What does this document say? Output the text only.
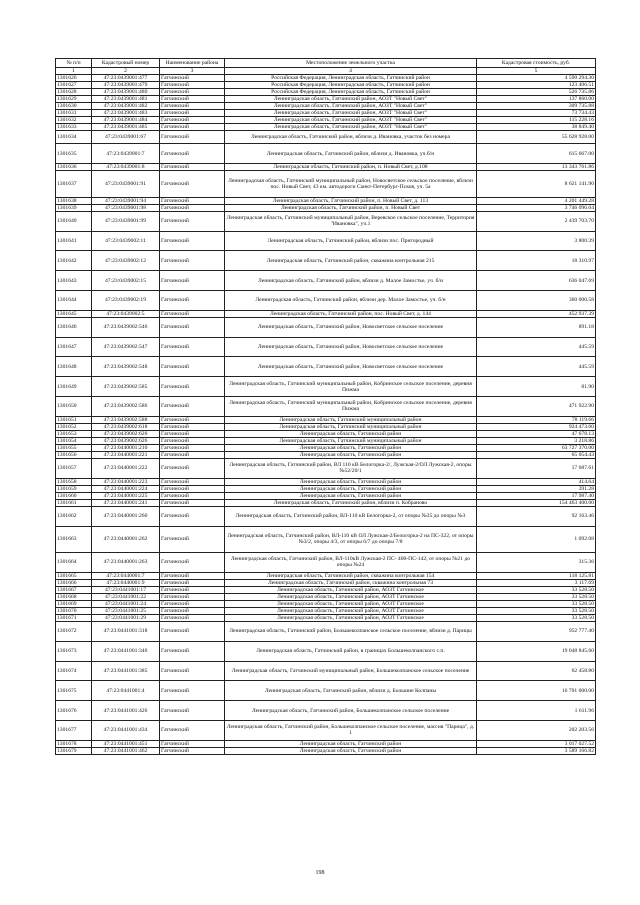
№ п/п	Кадастровый номер	Наименование района	Местоположение земельного участка	Кадастровая стоимость, руб.
1	2	3	4	5
1301626	47:23:0439001:477	Гатчинский	Российская Федерация, Ленинградская область, Гатчинский район	4 590 294.30
1301627	47:23:0439001:479	Гатчинский	Российская Федерация, Ленинградская область, Гатчинский район	123 406.51
1301628	47:23:0439001:480	Гатчинский	Российская Федерация, Ленинградская область, Гатчинский район	526 735.86
1301629	47:23:0439001:481	Гатчинский	Ленинградская область, Гатчинский район, АОЗТ "Новый Свет"	137 860.00
1301630	47:23:0439001:482	Гатчинский	Ленинградская область, Гатчинский район, АОЗТ "Новый Свет"	309 735.88
1301631	47:23:0439001:483	Гатчинский	Ленинградская область, Гатчинский район, АОЗТ "Новый Свет"	73 734.43
1301632	47:23:0439001:484	Гатчинский	Ленинградская область, Гатчинский район, АОЗТ "Новый Свет"	115 228.16
1301633	47:23:0439001:485	Гатчинский	Ленинградская область, Гатчинский район, АОЗТ "Новый Свет"	38 849.40
1301634	47:23:0439001:67	Гатчинский	Ленинградская область, Гатчинский район, вблизи д. Ивановка, участок без номера	55 628 928.00
1301635	47:23:0439001:7	Гатчинский	Ленинградская область, Гатчинский район, вблизи д. Ивановка, уч.б/н	615 667.00
1301636	47:23:0439001:8	Гатчинский	Ленинградская область, Гатчинский район, п. Новый Свет, д.108	13 343 761.86
1301637	47:23:0439001:91	Гатчинский	Ленинградская область, Гатчинский муниципальный район, Новосветское сельское поселение, вблизи пос. Новый Свет, 43 км. автодороги Санкт-Петербург-Псков, уч. 5а	8 621 141.90
1301638	47:23:0439001:94	Гатчинский	Ленинградская область, Гатчинский район, п. Новый Свет, д. 113	4 201 449.28
1301639	47:23:0439001:98	Гатчинский	Ленинградская область, Гатчинский район, п. Новый Свет	3 746 096.04
1301640	47:23:0439001:99	Гатчинский	Ленинградская область, Гатчинский муниципальный район, Веревское сельское поселение, Территория "Ивановка", уч.1	2 439 703.70
1301641	47:23:0439002:11	Гатчинский	Ленинградская область, Гатчинский район, вблизи пос. Пригородный	3 800.39
1301642	47:23:0439002:12	Гатчинский	Ленинградская область, Гатчинский район, скважина контрольная 215	18 310.97
1301643	47:23:0439002:15	Гатчинский	Ленинградская область, Гатчинский район, вблизи д. Малое Замостье, уч. б/н	636 047.69
1301644	47:23:0439002:19	Гатчинский	Ленинградская область, Гатчинский район, вблизи дер. Малое Замостье, уч. б/н	360 000.58
1301645	47:23:0439002:5	Гатчинский	Ленинградская область, Гатчинский район, пос. Новый Свет, д. 144	452 937.39
1301646	47:23:0439002:546	Гатчинский	Ленинградская область, Гатчинский район, Новосветское сельское поселение	891.18
1301647	47:23:0439002:547	Гатчинский	Ленинградская область, Гатчинский район, Новосветское сельское поселение	445.59
1301648	47:23:0439002:548	Гатчинский	Ленинградская область, Гатчинский район, Новосветское сельское поселение	445.59
1301649	47:23:0439002:585	Гатчинский	Ленинградская область, Гатчинский муниципальный район, Кобринское сельское поселение, деревня Пижма	81.90
1301650	47:23:0439002:586	Гатчинский	Ленинградская область, Гатчинский муниципальный район, Кобринское сельское поселение, деревня Пижма	471 922.90
1301651	47:23:0439002:588	Гатчинский	Ленинградская область, Гатчинский муниципальный район	78 119.66
1301652	47:23:0439002:618	Гатчинский	Ленинградская область, Гатчинский муниципальный район	924 473.60
1301653	47:23:0439002:620	Гатчинский	Ленинградская область, Гатчинский район	47 678.13
1301654	47:23:0439002:626	Гатчинский	Ленинградская область, Гатчинский муниципальный район	3 218.86
1301655	47:23:0440001:210	Гатчинский	Ленинградская область, Гатчинский район	63 727 370.00
1301656	47:23:0440001:221	Гатчинский	Ленинградская область, Гатчинский район	65 054.43
1301657	47:23:0440001:222	Гатчинский	Ленинградская область, Гатчинский район, ВЛ 110 кВ Белогорка-2/, Лужская-2/ОЛ Лужская-2, опоры №52/20/1	17 687.61
1301658	47:23:0440001:223	Гатчинский	Ленинградская область, Гатчинский район	414.64
1301659	47:23:0440001:224	Гатчинский	Ленинградская область, Гатчинский район	391.28
1301660	47:23:0440001:225	Гатчинский	Ленинградская область, Гатчинский район	17 987.40
1301661	47:23:0440001:241	Гатчинский	Ленинградская область, Гатчинский район, вблизи п. Кобраново	154 463 400.00
1301662	47:23:0440001:260	Гатчинский	Ленинградская область, Гатчинский район, ВЛ-110 кВ Белогорка-2, от опоры №35 до опоры №3	92 163.46
1301663	47:23:0440001:262	Гатчинский	Ленинградская область, Гатчинский район, ВЛ-110 кВ ОЛ Лужская-2/Белогорка-2 на ПС-322, от опоры №3/2, опоры 4/3, от опоры 6/7 до опоры 7/8	1 092.08
1301664	47:23:0440001:263	Гатчинский	Ленинградская область, Гатчинский район, ВЛ-110кВ Лужская-2 ПС- 400-ПС-142, от опоры №21 до опоры №24	315.36
1301665	47:23:0440001:7	Гатчинский	Ленинградская область, Гатчинский район, скважина контрольная 154	118 125.81
1301666	47:23:0440001:9	Гатчинский	Ленинградская область, Гатчинский район, скважина контрольная 73	3 117.69
1301667	47:23:0441001:17	Гатчинский	Ленинградская область, Гатчинский район, АОЗТ Гатчинское	33 528.50
1301668	47:23:0441001:22	Гатчинский	Ленинградская область, Гатчинский район, АОЗТ Гатчинское	33 528.50
1301669	47:23:0441001:24	Гатчинский	Ленинградская область, Гатчинский район, АОЗТ Гатчинское	33 528.50
1301670	47:23:0441001:25	Гатчинский	Ленинградская область, Гатчинский район, АОЗТ Гатчинское	33 528.50
1301671	47:23:0441001:29	Гатчинский	Ленинградская область, Гатчинский район, АОЗТ Гатчинское	33 528.50
1301672	47:23:0441001:318	Гатчинский	Ленинградская область, Гатчинский район, Большеколпанское сельское поселение, вблизи д. Парицы	952 777.40
1301673	47:23:0441001:340	Гатчинский	Ленинградская область, Гатчинский район, в границах Большеколпанского с.п.	19 048 845.60
1301674	47:23:0441001:385	Гатчинский	Ленинградская область, Гатчинский муниципальный район, Большеколпанское сельское поселение	62 458.80
1301675	47:23:0441001:4	Гатчинский	Ленинградская область, Гатчинский район, вблизи д. Большие Колпаны	16 701 000.00
1301676	47:23:0441001:426	Гатчинский	Ленинградская область, Гатчинский район, Большеколпанское сельское поселение	1 611.96
1301677	47:23:0441001:434	Гатчинский	Ленинградская область, Гатчинский район, Большеколпанское сельское поселение, массив "Парица", д. 1	202 203.56
1301678	47:23:0441001:451	Гатчинский	Ленинградская область, Гатчинский район	3 017 027.52
1301679	47:23:0441001:462	Гатчинский	Ленинградская область, Гатчинский район	3 589 166.82
198
